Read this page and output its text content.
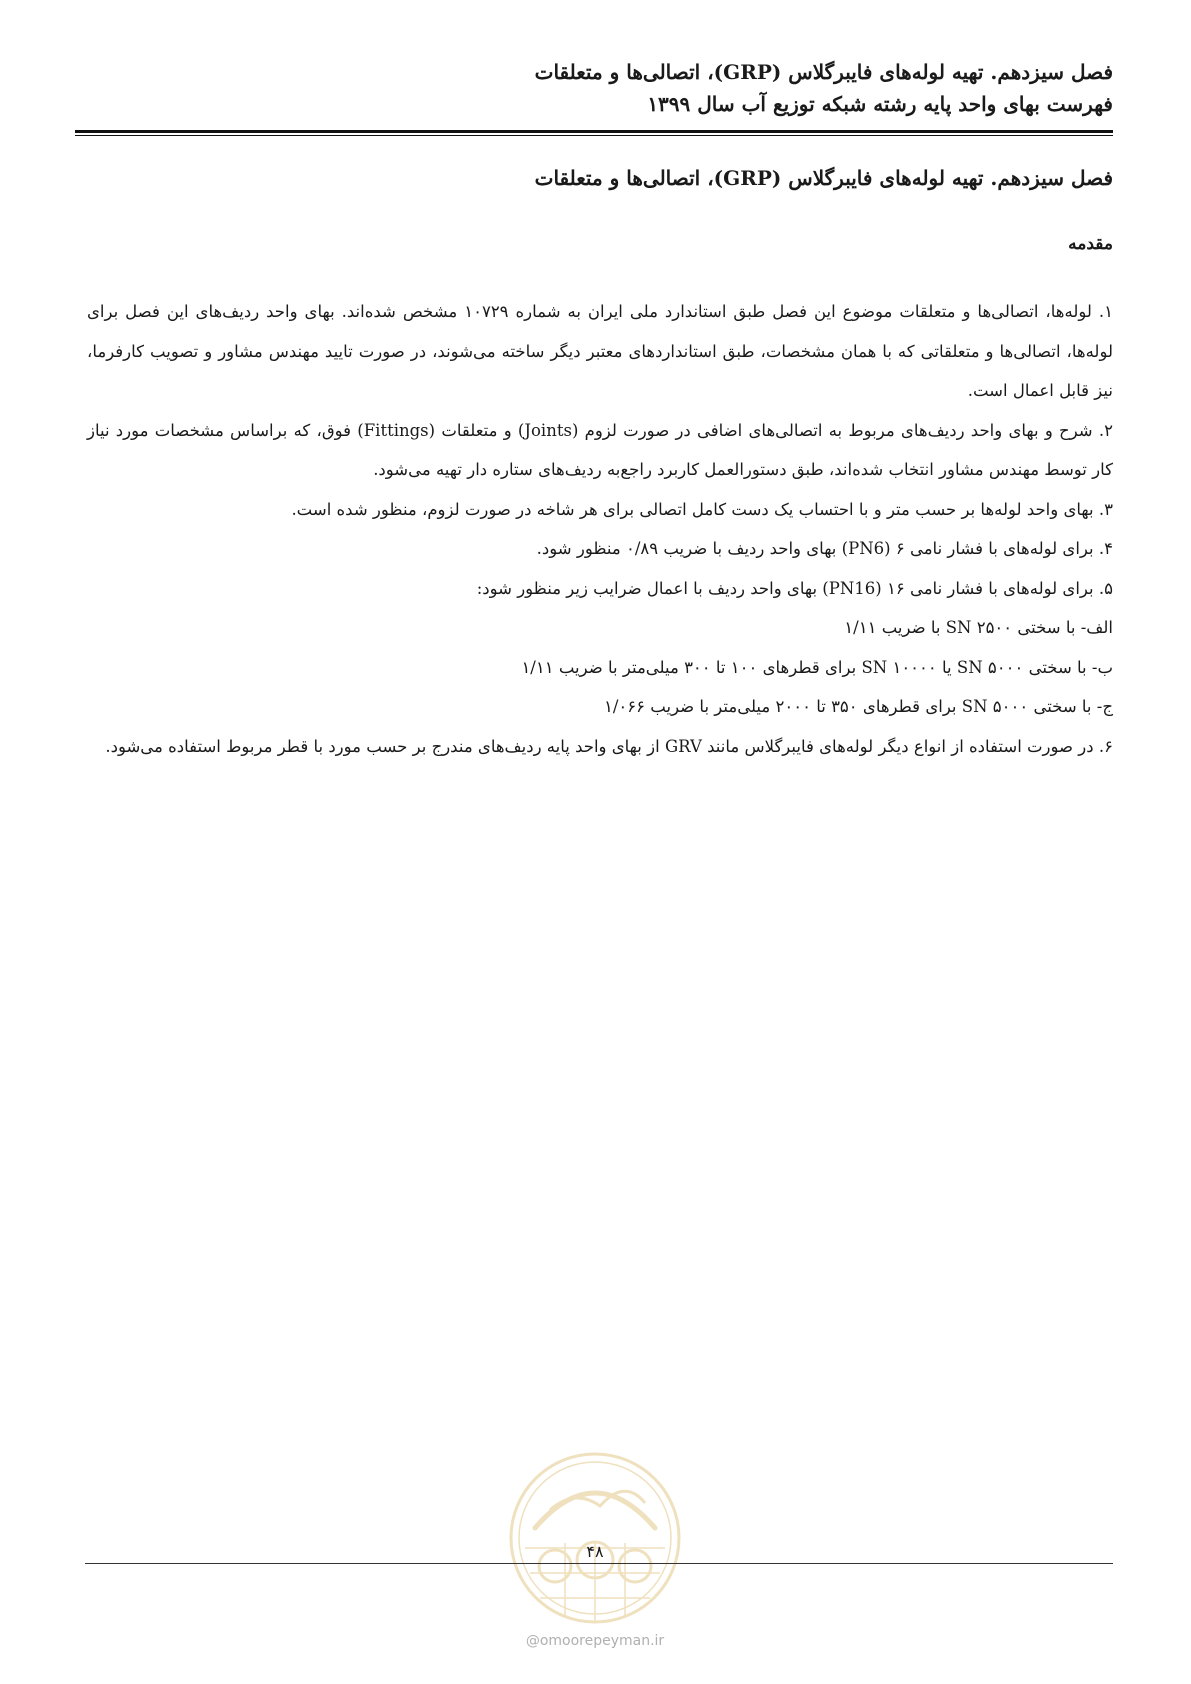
فصل سیزدهم. تهیه لوله‌های فایبرگلاس (GRP)، اتصالی‌ها و متعلقات
فهرست بهای واحد پایه رشته شبکه توزیع آب سال ۱۳۹۹
فصل سیزدهم. تهیه لوله‌های فایبرگلاس (GRP)، اتصالی‌ها و متعلقات
مقدمه

۱. لوله‌ها، اتصالی‌ها و متعلقات موضوع این فصل طبق استاندارد ملی ایران به شماره ۱۰۷۲۹ مشخص شده‌اند. بهای واحد ردیف‌های این فصل برای لوله‌ها، اتصالی‌ها و متعلقاتی که با همان مشخصات، طبق استانداردهای معتبر دیگر ساخته می‌شوند، در صورت تایید مهندس مشاور و تصویب کارفرما، نیز قابل اعمال است.

۲. شرح و بهای واحد ردیف‌های مربوط به اتصالی‌های اضافی در صورت لزوم (Joints) و متعلقات (Fittings) فوق، که براساس مشخصات مورد نیاز کار توسط مهندس مشاور انتخاب شده‌اند، طبق دستورالعمل کاربرد راجع‌به ردیف‌های ستاره دار تهیه می‌شود.

۳. بهای واحد لوله‌ها بر حسب متر و با احتساب یک دست کامل اتصالی برای هر شاخه در صورت لزوم، منظور شده است.

۴. برای لوله‌های با فشار نامی ۶ (PN6) بهای واحد ردیف با ضریب ۰/۸۹ منظور شود.

۵. برای لوله‌های با فشار نامی ۱۶ (PN16) بهای واحد ردیف با اعمال ضرایب زیر منظور شود:

الف- با سختی SN ۲۵۰۰ با ضریب ۱/۱۱

ب- با سختی SN ۵۰۰۰ یا SN ۱۰۰۰۰ برای قطرهای ۱۰۰ تا ۳۰۰ میلی‌متر با ضریب ۱/۱۱

ج- با سختی SN ۵۰۰۰ برای قطرهای ۳۵۰ تا ۲۰۰۰ میلی‌متر با ضریب ۱/۰۶۶

۶. در صورت استفاده از انواع دیگر لوله‌های فایبرگلاس مانند GRV از بهای واحد پایه ردیف‌های مندرج بر حسب مورد با قطر مربوط استفاده می‌شود.

۴۸
@omoorepeyman.ir
